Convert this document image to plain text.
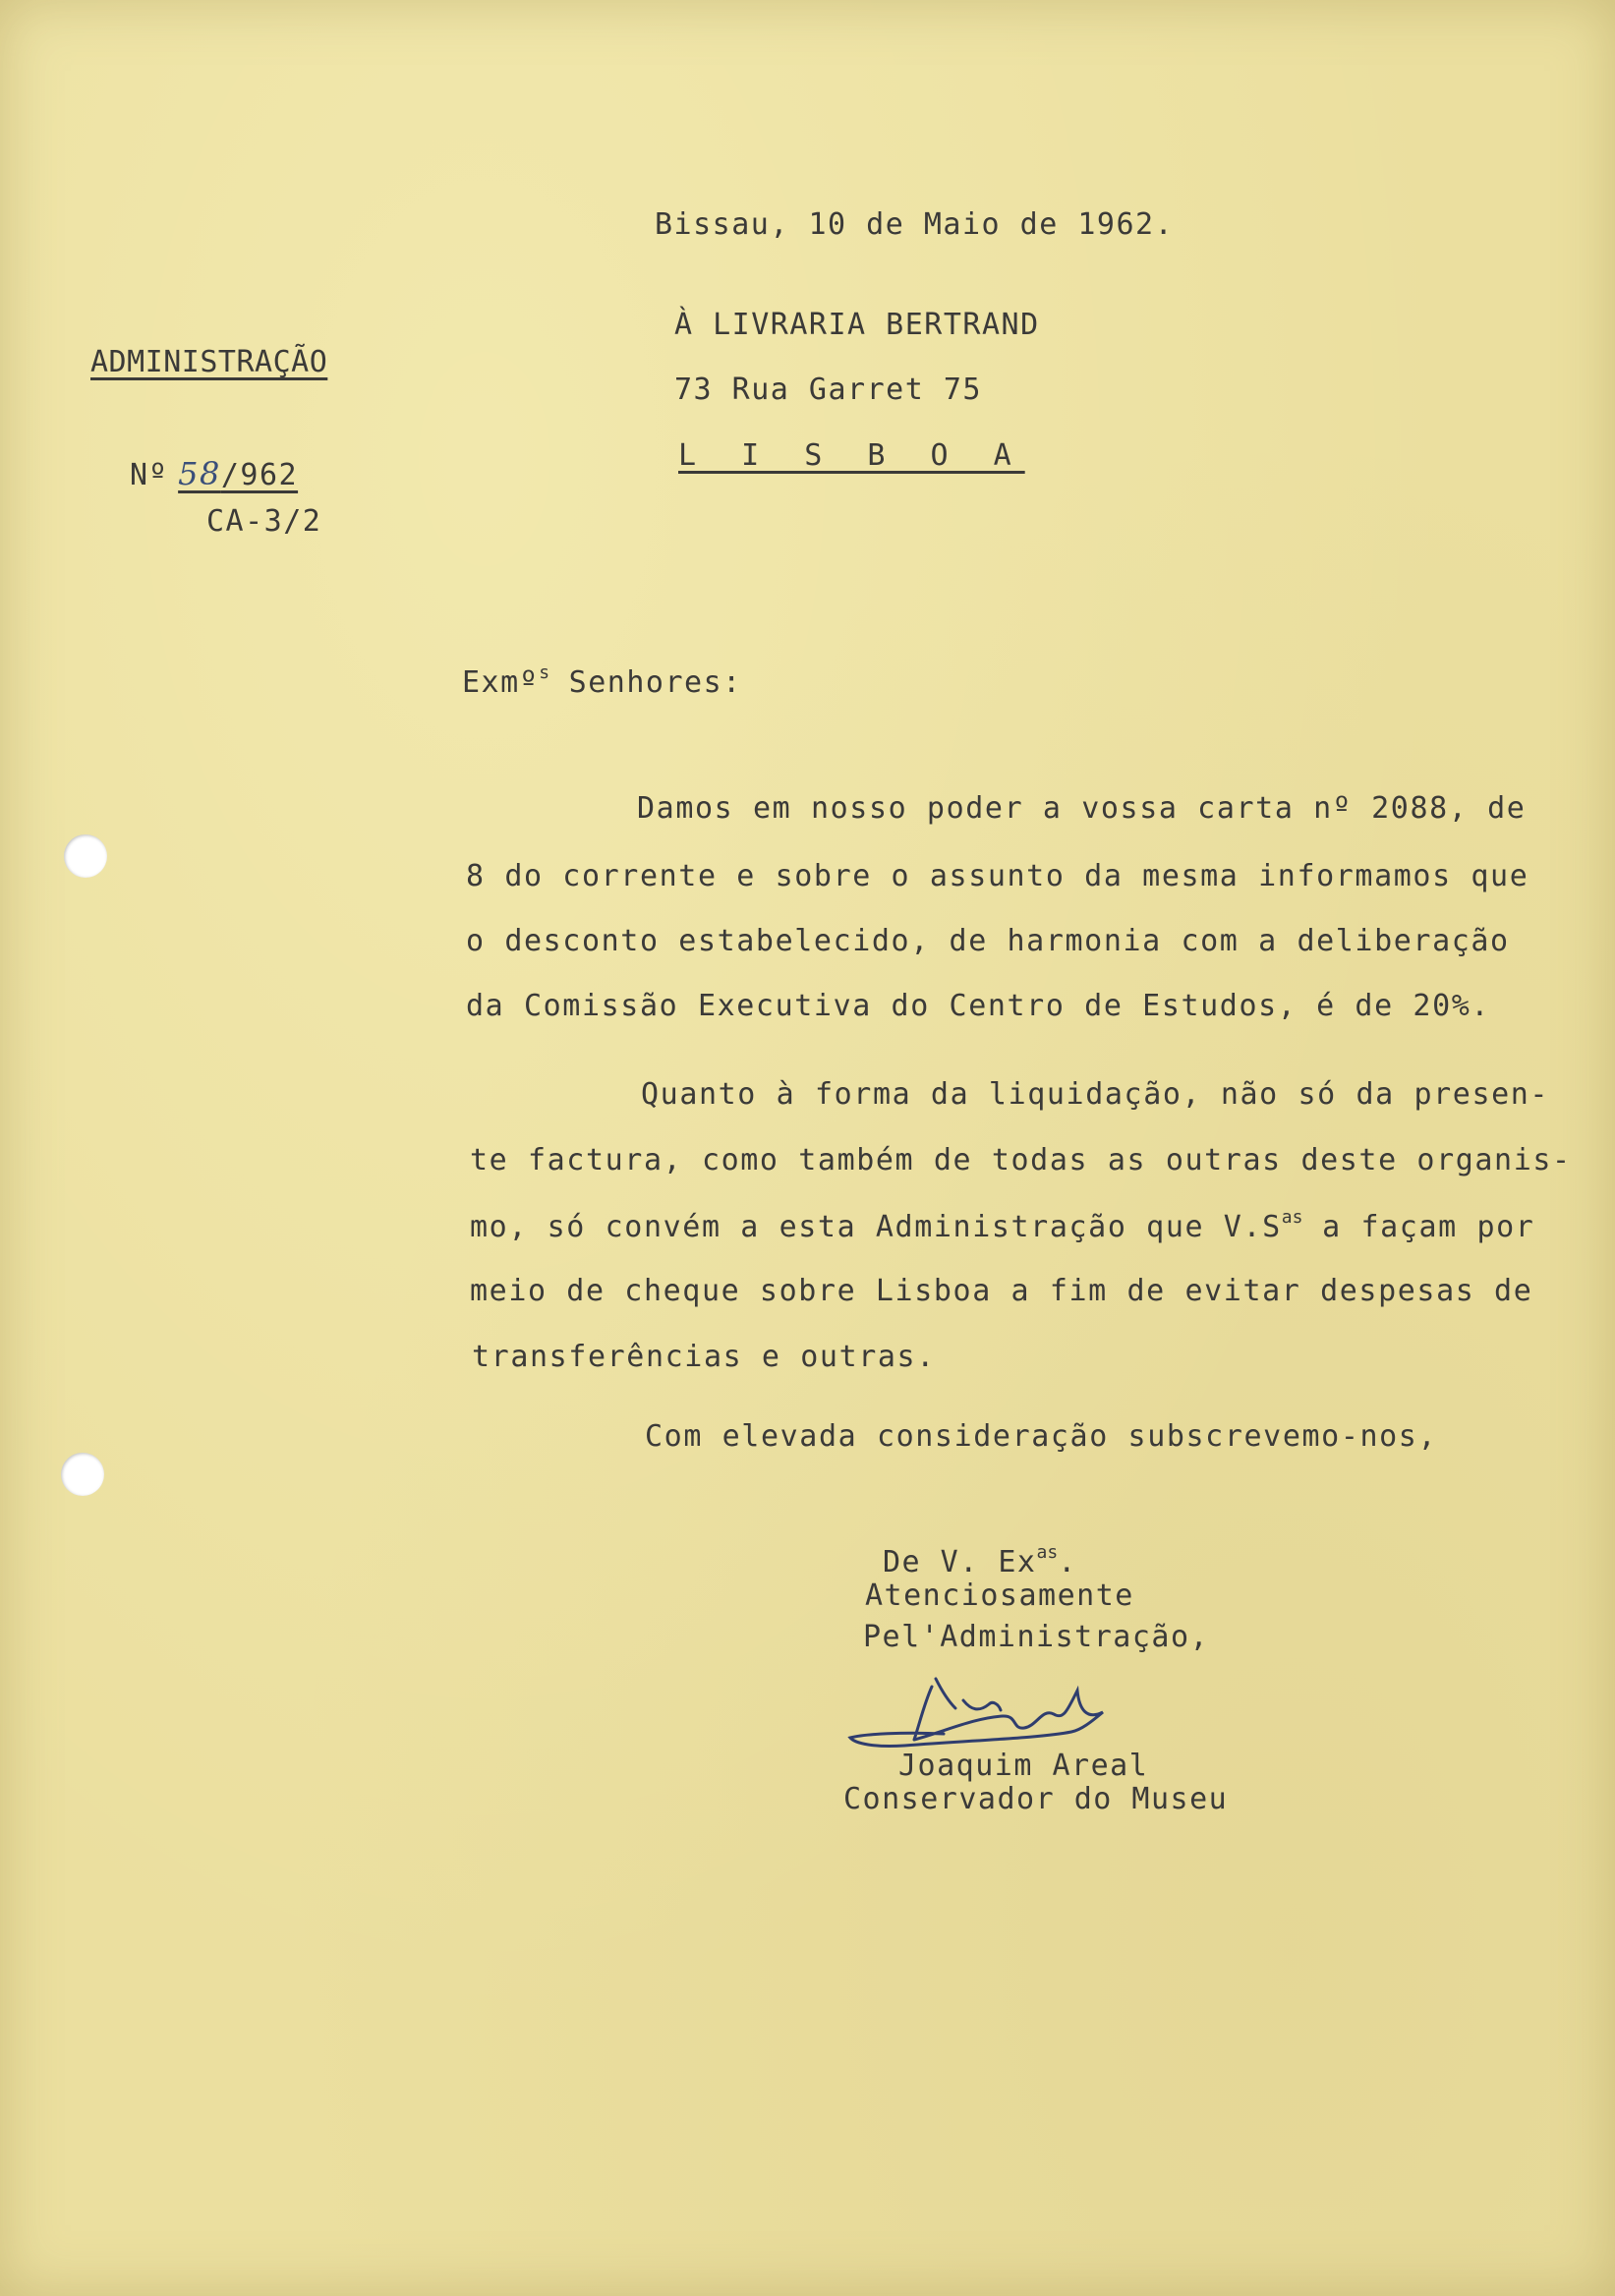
Bissau, 10 de Maio de 1962.
À LIVRARIA BERTRAND
73 Rua Garret 75
L I S B O A
ADMINISTRAÇÃO
Nº 58/962
CA-3/2
Exmº$^s$ Senhores:
Damos em nosso poder a vossa carta nº 2088, de
8 do corrente e sobre o assunto da mesma informamos que
o desconto estabelecido, de harmonia com a deliberação
da Comissão Executiva do Centro de Estudos, é de 20%.
Quanto à forma da liquidação, não só da presen-
te factura, como também de todas as outras deste organis-
mo, só convém a esta Administração que $V.S^{as}$ a façam por
meio de cheque sobre Lisboa a fim de evitar despesas de
transferências e outras.
Com elevada consideração subscrevemo-nos,
De V. $Ex^{as}$.
Atenciosamente
Pel'Administração,
Joaquim Areal
Conservador do Museu
